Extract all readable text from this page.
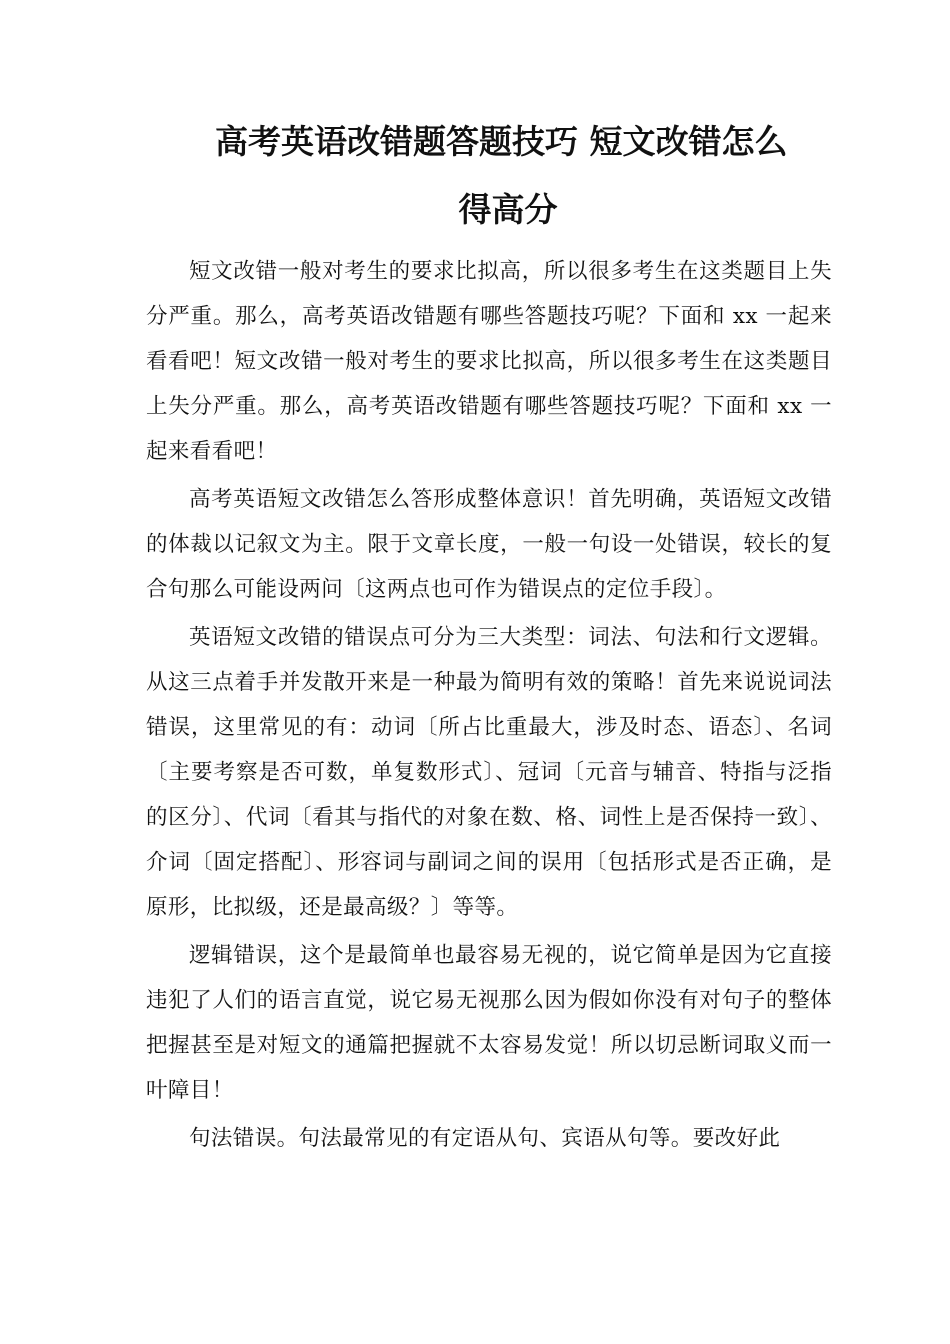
高考英语改错题答题技巧 短文改错怎么
得高分

短文改错一般对考生的要求比拟高，所以很多考生在这类题目上失分严重。那么，高考英语改错题有哪些答题技巧呢？下面和 xx 一起来看看吧！短文改错一般对考生的要求比拟高，所以很多考生在这类题目上失分严重。那么，高考英语改错题有哪些答题技巧呢？下面和 xx 一起来看看吧！

高考英语短文改错怎么答形成整体意识！首先明确，英语短文改错的体裁以记叙文为主。限于文章长度，一般一句设一处错误，较长的复合句那么可能设两问〔这两点也可作为错误点的定位手段〕。

英语短文改错的错误点可分为三大类型：词法、句法和行文逻辑。从这三点着手并发散开来是一种最为简明有效的策略！首先来说说词法错误，这里常见的有：动词〔所占比重最大，涉及时态、语态〕、名词〔主要考察是否可数，单复数形式〕、冠词〔元音与辅音、特指与泛指的区分〕、代词〔看其与指代的对象在数、格、词性上是否保持一致〕、介词〔固定搭配〕、形容词与副词之间的误用〔包括形式是否正确，是原形，比拟级，还是最高级？〕等等。

逻辑错误，这个是最简单也最容易无视的，说它简单是因为它直接违犯了人们的语言直觉，说它易无视那么因为假如你没有对句子的整体把握甚至是对短文的通篇把握就不太容易发觉！所以切忌断词取义而一叶障目！

句法错误。句法最常见的有定语从句、宾语从句等。要改好此
